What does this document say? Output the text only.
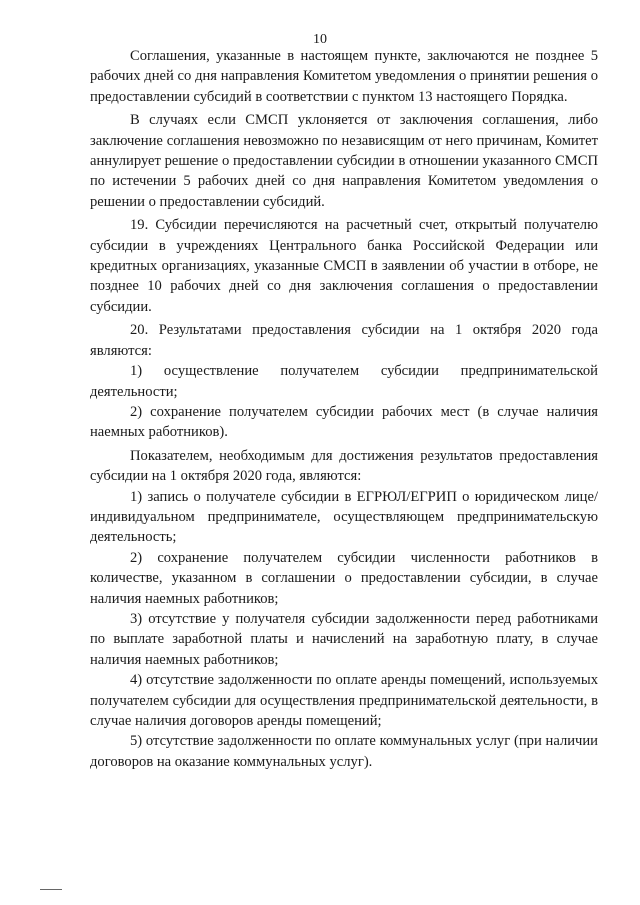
10

Соглашения, указанные в настоящем пункте, заключаются не позднее 5 рабочих дней со дня направления Комитетом уведомления о принятии решения о предоставлении субсидий в соответствии с пунктом 13 настоящего Порядка.

В случаях если СМСП уклоняется от заключения соглашения, либо заключение соглашения невозможно по независящим от него причинам, Комитет аннулирует решение о предоставлении субсидии в отношении указанного СМСП по истечении 5 рабочих дней со дня направления Комитетом уведомления о решении о предоставлении субсидий.

19. Субсидии перечисляются на расчетный счет, открытый получателю субсидии в учреждениях Центрального банка Российской Федерации или кредитных организациях, указанные СМСП в заявлении об участии в отборе, не позднее 10 рабочих дней со дня заключения соглашения о предоставлении субсидии.

20. Результатами предоставления субсидии на 1 октября 2020 года являются:

1) осуществление получателем субсидии предпринимательской деятельности;

2) сохранение получателем субсидии рабочих мест (в случае наличия наемных работников).

Показателем, необходимым для достижения результатов предоставления субсидии на 1 октября 2020 года, являются:

1) запись о получателе субсидии в ЕГРЮЛ/ЕГРИП о юридическом лице/индивидуальном предпринимателе, осуществляющем предпринимательскую деятельность;

2) сохранение получателем субсидии численности работников в количестве, указанном в соглашении о предоставлении субсидии, в случае наличия наемных работников;

3) отсутствие у получателя субсидии задолженности перед работниками по выплате заработной платы и начислений на заработную плату, в случае наличия наемных работников;

4) отсутствие задолженности по оплате аренды помещений, используемых получателем субсидии для осуществления предпринимательской деятельности, в случае наличия договоров аренды помещений;

5) отсутствие задолженности по оплате коммунальных услуг (при наличии договоров на оказание коммунальных услуг).
